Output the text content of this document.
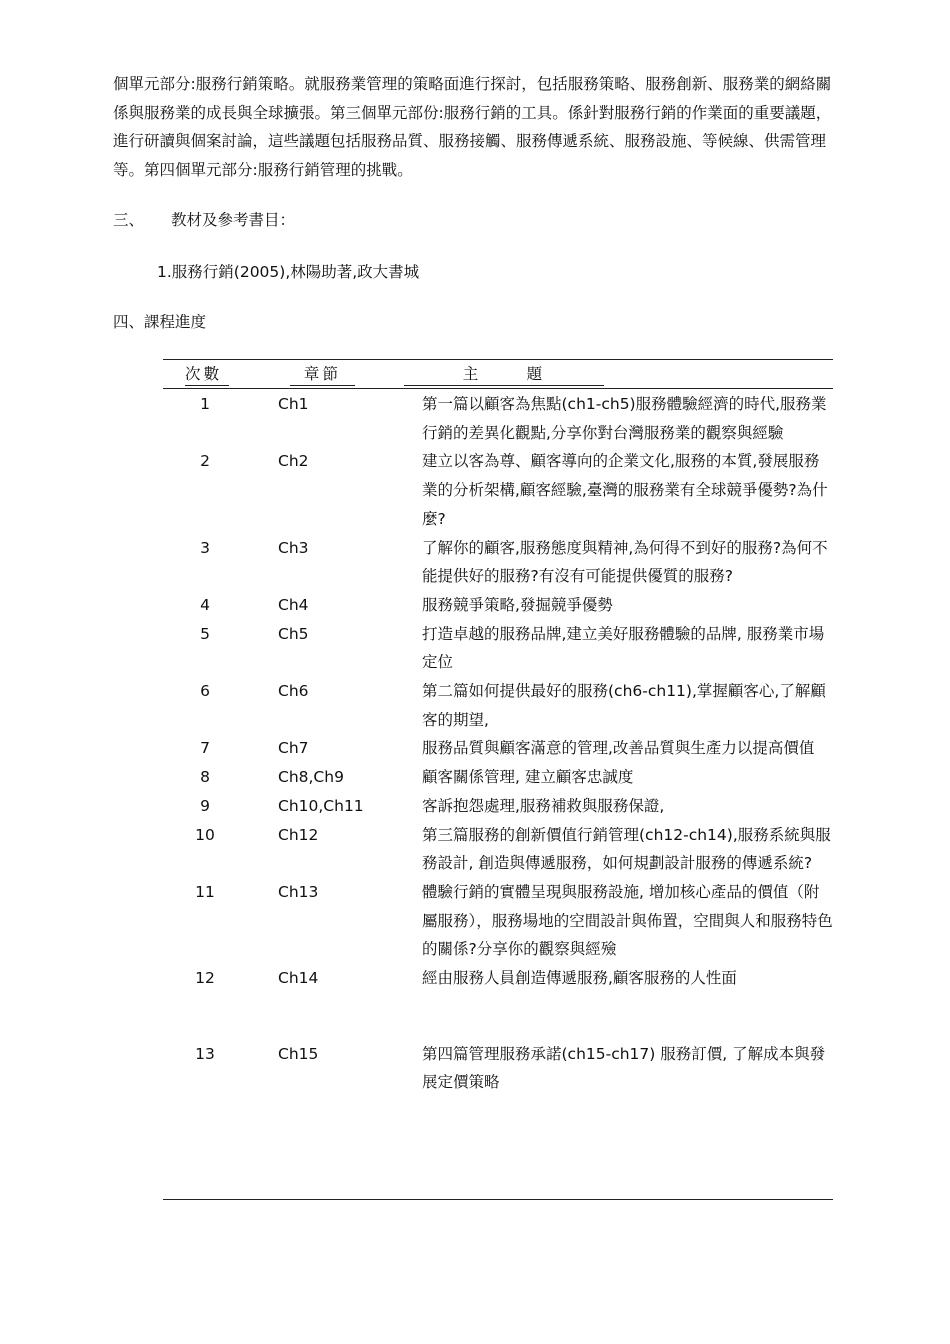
個單元部分:服務行銷策略。就服務業管理的策略面進行探討，包括服務策略、服務創新、服務業的網絡關係與服務業的成長與全球擴張。第三個單元部份:服務行銷的工具。係針對服務行銷的作業面的重要議題，進行研讀與個案討論，這些議題包括服務品質、服務接觸、服務傳遞系統、服務設施、等候線、供需管理等。第四個單元部分:服務行銷管理的挑戰。

三、 教材及參考書目：

1.服務行銷(2005),林陽助著,政大書城

四、課程進度

次數	章節	主 題
1	Ch1	第一篇以顧客為焦點(ch1-ch5)服務體驗經濟的時代,服務業行銷的差異化觀點,分享你對台灣服務業的觀察與經驗
2	Ch2	建立以客為尊、顧客導向的企業文化,服務的本質,發展服務業的分析架構,顧客經驗,臺灣的服務業有全球競爭優勢?為什麼?
3	Ch3	了解你的顧客,服務態度與精神,為何得不到好的服務?為何不能提供好的服務?有沒有可能提供優質的服務?
4	Ch4	服務競爭策略,發掘競爭優勢
5	Ch5	打造卓越的服務品牌,建立美好服務體驗的品牌, 服務業市場定位
6	Ch6	第二篇如何提供最好的服務(ch6-ch11),掌握顧客心,了解顧客的期望,
7	Ch7	服務品質與顧客滿意的管理,改善品質與生產力以提高價值
8	Ch8,Ch9	顧客關係管理, 建立顧客忠誠度
9	Ch10,Ch11	客訴抱怨處理,服務補救與服務保證,
10	Ch12	第三篇服務的創新價值行銷管理(ch12-ch14),服務系統與服務設計, 創造與傳遞服務，如何規劃設計服務的傳遞系統?
11	Ch13	體驗行銷的實體呈現與服務設施, 增加核心產品的價值（附屬服務），服務場地的空間設計與佈置，空間與人和服務特色的關係?分享你的觀察與經殮
12	Ch14	經由服務人員創造傳遞服務,顧客服務的人性面
13	Ch15	第四篇管理服務承諾(ch15-ch17) 服務訂價, 了解成本與發展定價策略
